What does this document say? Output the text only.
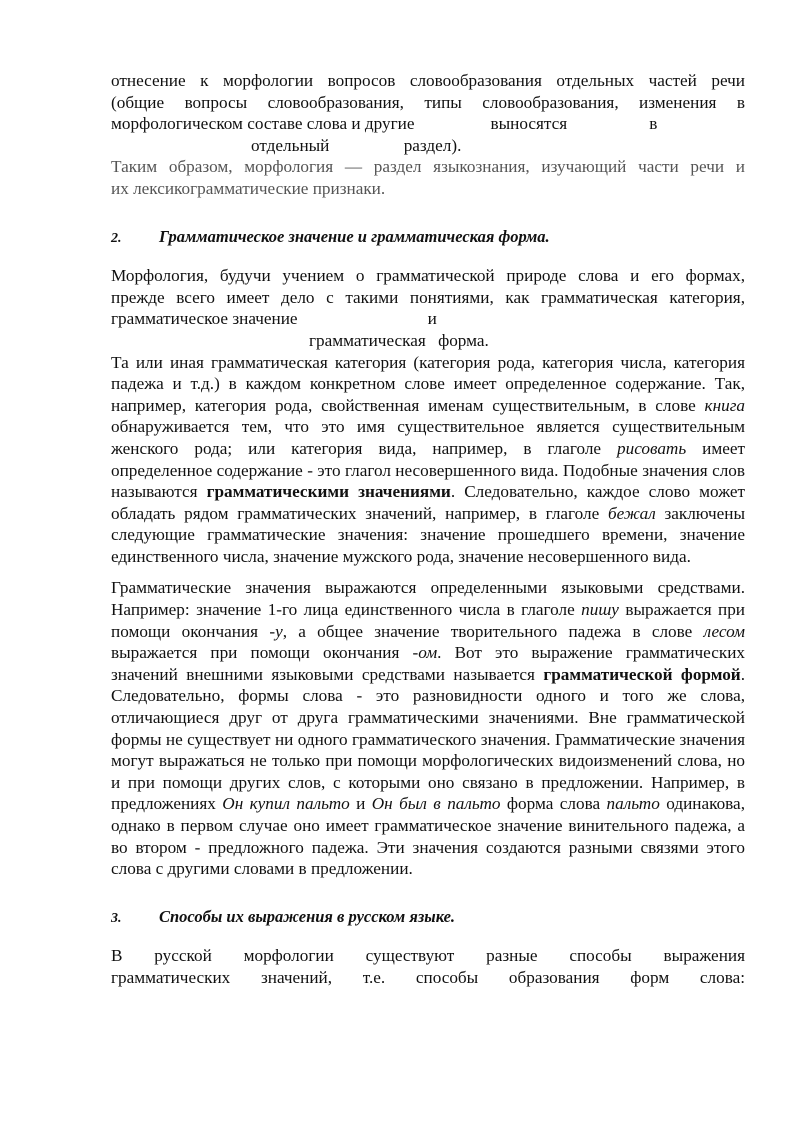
отнесение к морфологии вопросов словообразования отдельных частей речи

(общие вопросы словообразования, типы словообразования, изменения в

морфологическом составе слова и другие	выносятся	в

отдельный	раздел).

Таким образом, морфология — раздел языкознания, изучающий части речи и

их лексикограмматические признаки.

2.	Грамматическое значение и грамматическая форма.

Морфология, будучи учением о грамматической природе слова и его формах,

прежде всего имеет дело с такими понятиями, как грамматическая категория,

грамматическое значение	и

грамматическая форма.

Та или иная грамматическая категория (категория рода, категория числа, категория падежа и т.д.) в каждом конкретном слове имеет определенное содержание. Так, например, категория рода, свойственная именам существительным, в слове книга обнаруживается тем, что это имя существительное является существительным женского рода; или категория вида, например, в глаголе рисовать имеет определенное содержание - это глагол несовершенного вида. Подобные значения слов называются грамматическими значениями. Следовательно, каждое слово может обладать рядом грамматических значений, например, в глаголе бежал заключены следующие грамматические значения: значение прошедшего времени, значение единственного числа, значение мужского рода, значение несовершенного вида.

Грамматические значения выражаются определенными языковыми средствами. Например: значение 1-го лица единственного числа в глаголе пишу выражается при помощи окончания -у, а общее значение творительного падежа в слове лесом выражается при помощи окончания -ом. Вот это выражение грамматических значений внешними языковыми средствами называется грамматической формой. Следовательно, формы слова - это разновидности одного и того же слова, отличающиеся друг от друга грамматическими значениями. Вне грамматической формы не существует ни одного грамматического значения. Грамматические значения могут выражаться не только при помощи морфологических видоизменений слова, но и при помощи других слов, с которыми оно связано в предложении. Например, в предложениях Он купил пальто и Он был в пальто форма слова пальто одинакова, однако в первом случае оно имеет грамматическое значение винительного падежа, а во втором - предложного падежа. Эти значения создаются разными связями этого слова с другими словами в предложении.

3.	Способы их выражения в русском языке.

В русской морфологии существуют разные способы выражения

грамматических значений, т.е. способы образования форм слова:
